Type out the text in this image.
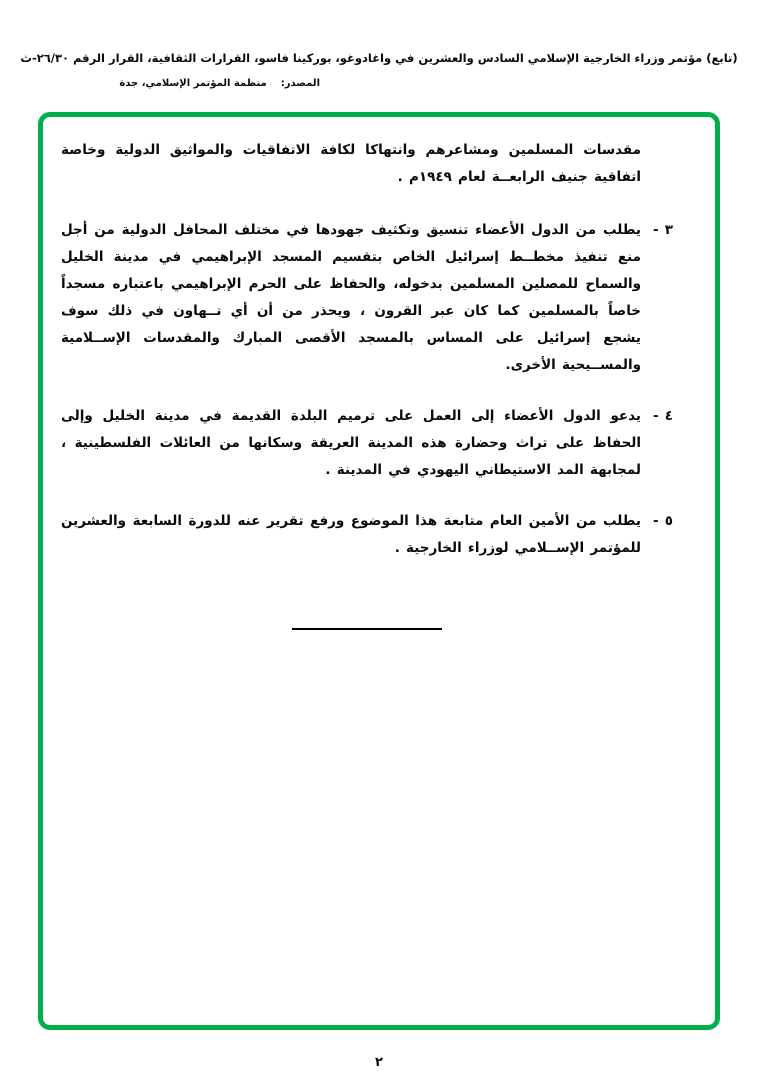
(تابع) مؤتمر وزراء الخارجية الإسلامي السادس والعشرين في واغادوغو، بوركينا فاسو، القرارات الثقافية، القرار الرقم ٢٦/٣٠-ث
المصدر:منظمة المؤتمر الإسلامي، جدة
مقدسات المسلمين ومشاعرهم وانتهاكا لكافة الاتفاقيات والمواثيق الدولية وخاصة اتفاقية جنيف الرابعــة لعام ١٩٤٩م .
٣ -
يطلب من الدول الأعضاء تنسيق وتكثيف جهودها في مختلف المحافل الدولية من أجل منع تنفيذ مخطــط إسرائيل الخاص بتقسيم المسجد الإبراهيمي في مدينة الخليل والسماح للمصلين المسلمين بدخوله، والحفاظ على الحرم الإبراهيمي باعتباره مسجداً خاصاً بالمسلمين كما كان عبر القرون ، ويحذر من أن أي تــهاون في ذلك سوف يشجع إسرائيل على المساس بالمسجد الأقصى المبارك والمقدسات الإســلامية والمســيحية الأخرى.
٤ -
يدعو الدول الأعضاء إلى العمل على ترميم البلدة القديمة في مدينة الخليل وإلى الحفاظ على تراث وحضارة هذه المدينة العريقة وسكانها من العائلات الفلسطينية ، لمجابهة المد الاستيطاني اليهودي في المدينة .
٥ -
يطلب من الأمين العام متابعة هذا الموضوع ورفع تقرير عنه للدورة السابعة والعشرين للمؤتمر الإســلامي لوزراء الخارجية .
٢
